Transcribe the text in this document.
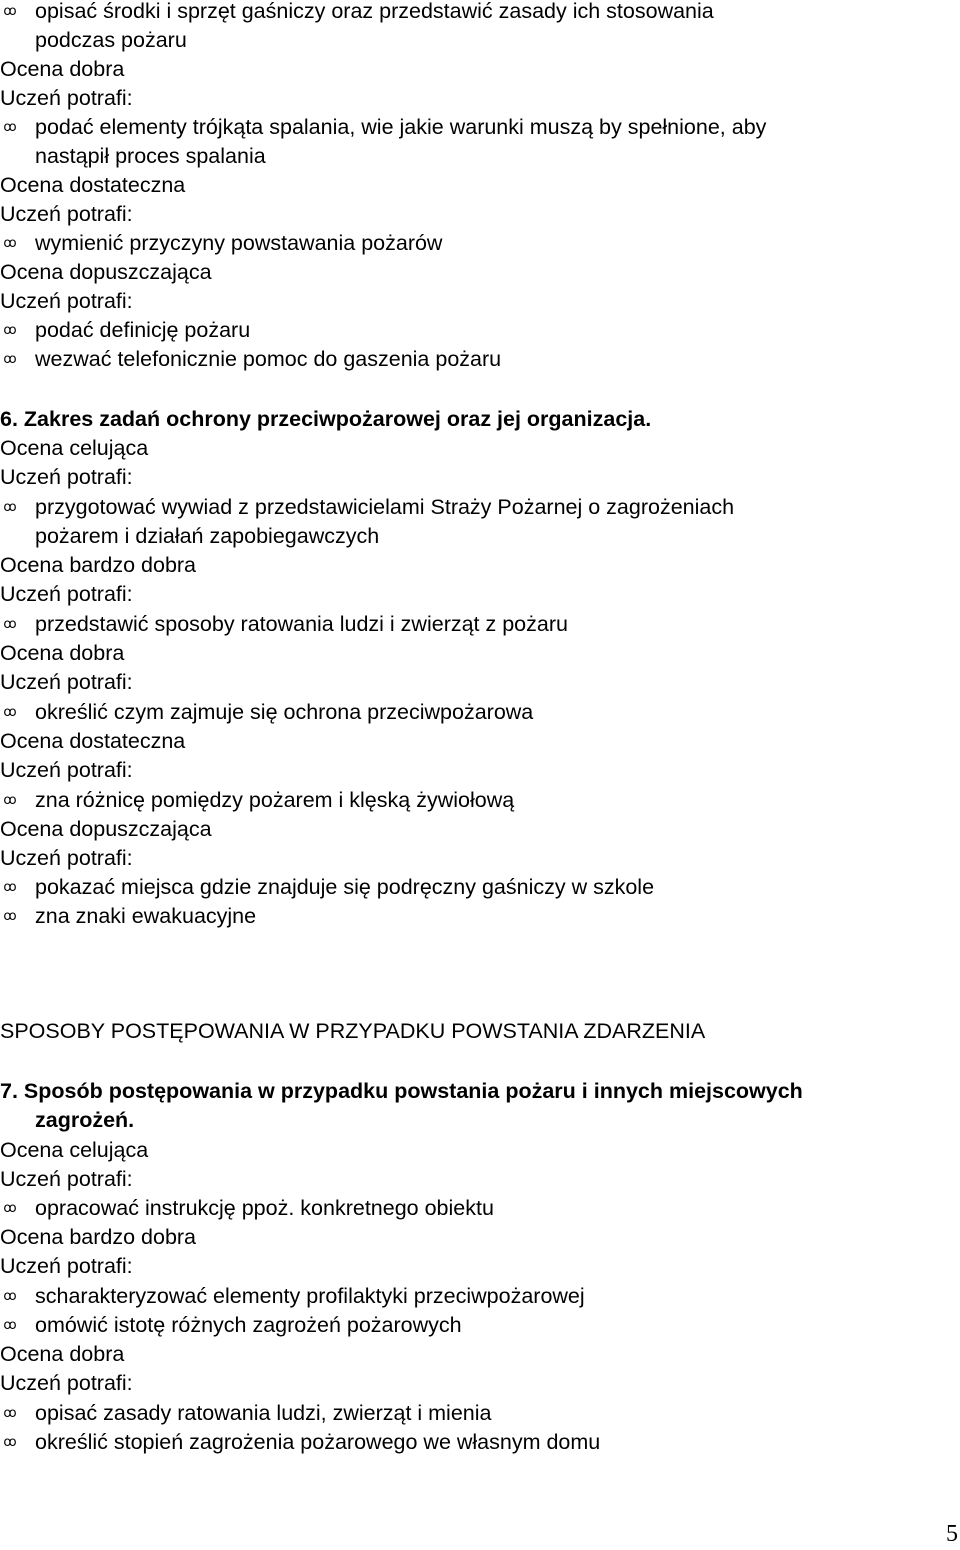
ꝏ opisać środki i sprzęt gaśniczy oraz przedstawić zasady ich stosowania
podczas pożaru
Ocena dobra
Uczeń potrafi:
ꝏ podać elementy trójkąta spalania, wie jakie warunki muszą by spełnione, aby
nastąpił proces spalania
Ocena dostateczna
Uczeń potrafi:
ꝏ wymienić przyczyny powstawania pożarów
Ocena dopuszczająca
Uczeń potrafi:
ꝏ podać definicję pożaru
ꝏ wezwać telefonicznie pomoc do gaszenia pożaru
6. Zakres zadań ochrony przeciwpożarowej oraz jej organizacja.
Ocena celująca
Uczeń potrafi:
ꝏ przygotować wywiad z przedstawicielami Straży Pożarnej o zagrożeniach
pożarem i działań zapobiegawczych
Ocena bardzo dobra
Uczeń potrafi:
ꝏ przedstawić sposoby ratowania ludzi i zwierząt z pożaru
Ocena dobra
Uczeń potrafi:
ꝏ określić czym zajmuje się ochrona przeciwpożarowa
Ocena dostateczna
Uczeń potrafi:
ꝏ zna różnicę pomiędzy pożarem i klęską żywiołową
Ocena dopuszczająca
Uczeń potrafi:
ꝏ pokazać miejsca gdzie znajduje się podręczny gaśniczy w szkole
ꝏ zna znaki ewakuacyjne
SPOSOBY POSTĘPOWANIA W PRZYPADKU POWSTANIA ZDARZENIA
7. Sposób postępowania w przypadku powstania pożaru i innych miejscowych
zagrożeń.
Ocena celująca
Uczeń potrafi:
ꝏ opracować instrukcję ppoż. konkretnego obiektu
Ocena bardzo dobra
Uczeń potrafi:
ꝏ scharakteryzować elementy profilaktyki przeciwpożarowej
ꝏ omówić istotę różnych zagrożeń pożarowych
Ocena dobra
Uczeń potrafi:
ꝏ opisać zasady ratowania ludzi, zwierząt i mienia
ꝏ określić stopień zagrożenia pożarowego we własnym domu
5
